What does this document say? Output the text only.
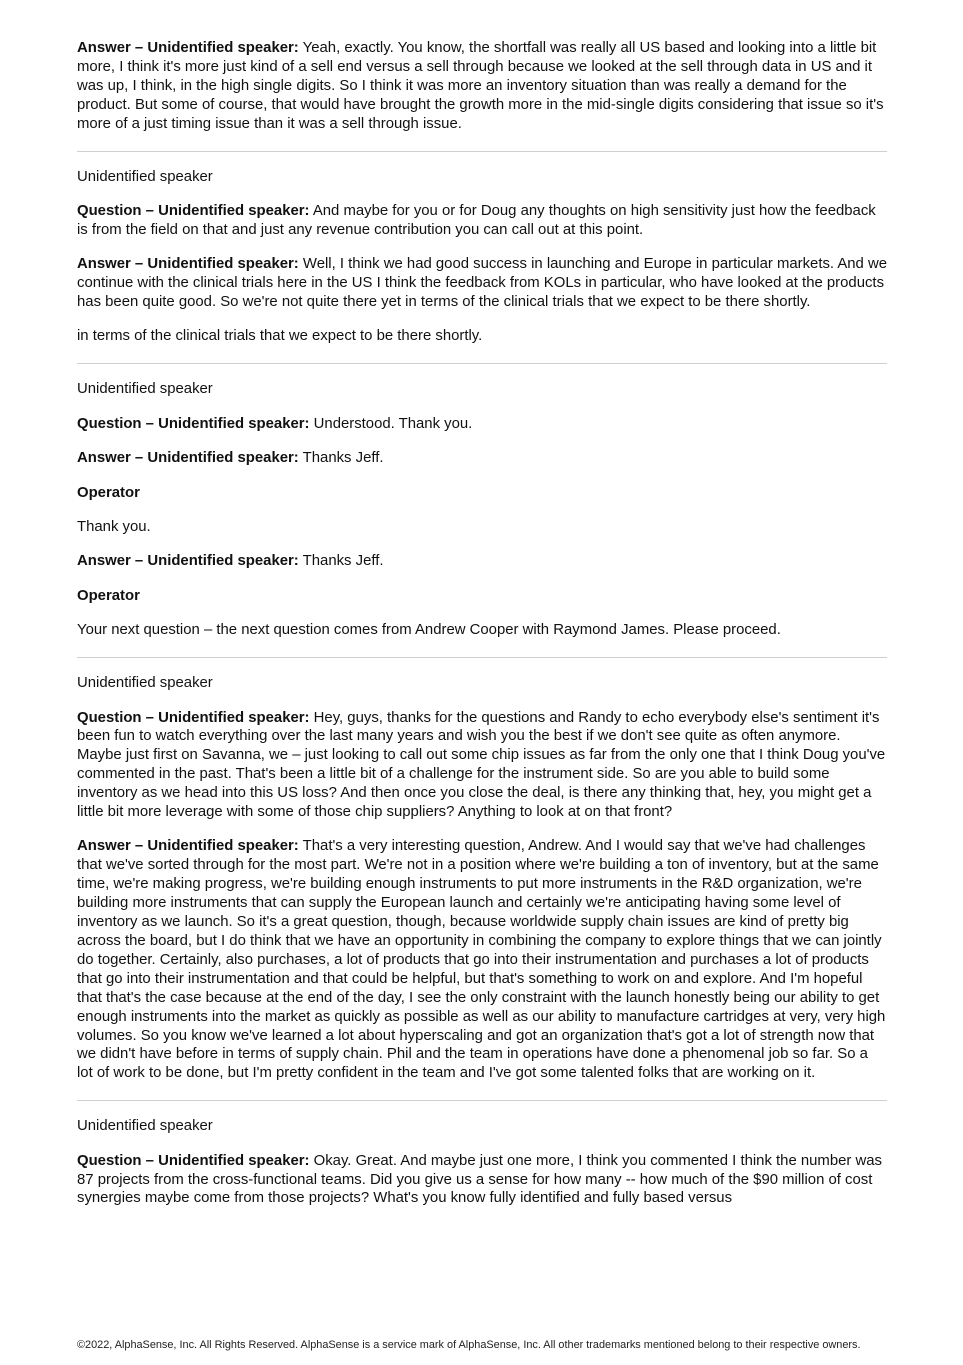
Answer – Unidentified speaker: Yeah, exactly. You know, the shortfall was really all US based and looking into a little bit more, I think it's more just kind of a sell end versus a sell through because we looked at the sell through data in US and it was up, I think, in the high single digits. So I think it was more an inventory situation than was really a demand for the product. But some of course, that would have brought the growth more in the mid-single digits considering that issue so it's more of a just timing issue than it was a sell through issue.

Unidentified speaker

Question – Unidentified speaker: And maybe for you or for Doug any thoughts on high sensitivity just how the feedback is from the field on that and just any revenue contribution you can call out at this point.

Answer – Unidentified speaker: Well, I think we had good success in launching and Europe in particular markets. And we continue with the clinical trials here in the US I think the feedback from KOLs in particular, who have looked at the products has been quite good. So we're not quite there yet in terms of the clinical trials that we expect to be there shortly.

in terms of the clinical trials that we expect to be there shortly.

Unidentified speaker

Question – Unidentified speaker: Understood. Thank you.

Answer – Unidentified speaker: Thanks Jeff.

Operator

Thank you.

Answer – Unidentified speaker: Thanks Jeff.

Operator

Your next question – the next question comes from Andrew Cooper with Raymond James. Please proceed.

Unidentified speaker

Question – Unidentified speaker: Hey, guys, thanks for the questions and Randy to echo everybody else's sentiment it's been fun to watch everything over the last many years and wish you the best if we don't see quite as often anymore. Maybe just first on Savanna, we – just looking to call out some chip issues as far from the only one that I think Doug you've commented in the past. That's been a little bit of a challenge for the instrument side. So are you able to build some inventory as we head into this US loss? And then once you close the deal, is there any thinking that, hey, you might get a little bit more leverage with some of those chip suppliers? Anything to look at on that front?

Answer – Unidentified speaker: That's a very interesting question, Andrew. And I would say that we've had challenges that we've sorted through for the most part. We're not in a position where we're building a ton of inventory, but at the same time, we're making progress, we're building enough instruments to put more instruments in the R&D organization, we're building more instruments that can supply the European launch and certainly we're anticipating having some level of inventory as we launch. So it's a great question, though, because worldwide supply chain issues are kind of pretty big across the board, but I do think that we have an opportunity in combining the company to explore things that we can jointly do together. Certainly, also purchases, a lot of products that go into their instrumentation and purchases a lot of products that go into their instrumentation and that could be helpful, but that's something to work on and explore. And I'm hopeful that that's the case because at the end of the day, I see the only constraint with the launch honestly being our ability to get enough instruments into the market as quickly as possible as well as our ability to manufacture cartridges at very, very high volumes. So you know we've learned a lot about hyperscaling and got an organization that's got a lot of strength now that we didn't have before in terms of supply chain. Phil and the team in operations have done a phenomenal job so far. So a lot of work to be done, but I'm pretty confident in the team and I've got some talented folks that are working on it.

Unidentified speaker

Question – Unidentified speaker: Okay. Great. And maybe just one more, I think you commented I think the number was 87 projects from the cross-functional teams. Did you give us a sense for how many -- how much of the $90 million of cost synergies maybe come from those projects? What's you know fully identified and fully based versus

©2022, AlphaSense, Inc. All Rights Reserved. AlphaSense is a service mark of AlphaSense, Inc. All other trademarks mentioned belong to their respective owners.
